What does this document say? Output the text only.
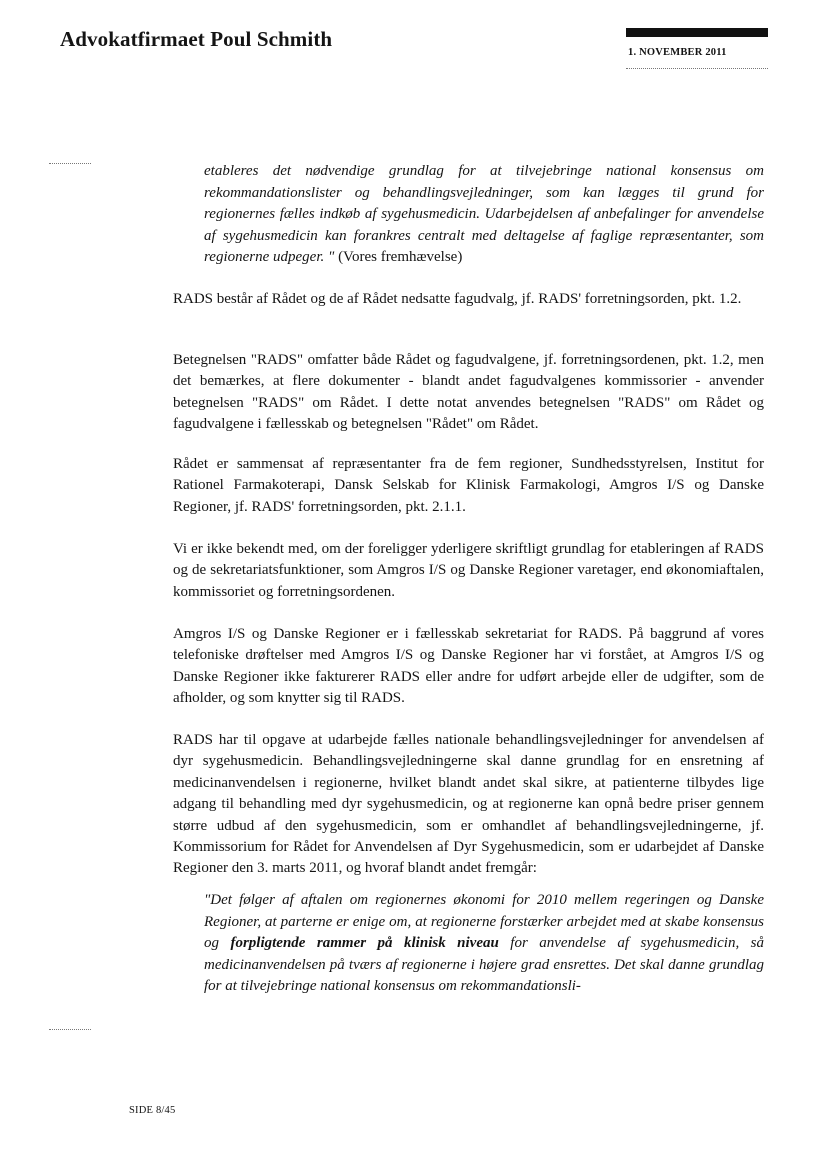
Advokatfirmaet Poul Schmith
1. NOVEMBER 2011

etableres det nødvendige grundlag for at tilvejebringe national konsensus om rekommandationslister og behandlingsvejledninger, som kan lægges til grund for regionernes fælles indkøb af sygehusmedicin. Udarbejdelsen af anbefalinger for anvendelse af sygehusmedicin kan forankres centralt med deltagelse af faglige repræsentanter, som regionerne udpeger. " (Vores fremhævelse)

RADS består af Rådet og de af Rådet nedsatte fagudvalg, jf. RADS' forretningsorden, pkt. 1.2.

Betegnelsen "RADS" omfatter både Rådet og fagudvalgene, jf. forretningsordenen, pkt. 1.2, men det bemærkes, at flere dokumenter - blandt andet fagudvalgenes kommissorier - anvender betegnelsen "RADS" om Rådet. I dette notat anvendes betegnelsen "RADS" om Rådet og fagudvalgene i fællesskab og betegnelsen "Rådet" om Rådet.

Rådet er sammensat af repræsentanter fra de fem regioner, Sundhedsstyrelsen, Institut for Rationel Farmakoterapi, Dansk Selskab for Klinisk Farmakologi, Amgros I/S og Danske Regioner, jf. RADS' forretningsorden, pkt. 2.1.1.

Vi er ikke bekendt med, om der foreligger yderligere skriftligt grundlag for etableringen af RADS og de sekretariatsfunktioner, som Amgros I/S og Danske Regioner varetager, end økonomiaftalen, kommissoriet og forretningsordenen.

Amgros I/S og Danske Regioner er i fællesskab sekretariat for RADS. På baggrund af vores telefoniske drøftelser med Amgros I/S og Danske Regioner har vi forstået, at Amgros I/S og Danske Regioner ikke fakturerer RADS eller andre for udført arbejde eller de udgifter, som de afholder, og som knytter sig til RADS.

RADS har til opgave at udarbejde fælles nationale behandlingsvejledninger for anvendelsen af dyr sygehusmedicin. Behandlingsvejledningerne skal danne grundlag for en ensretning af medicinanvendelsen i regionerne, hvilket blandt andet skal sikre, at patienterne tilbydes lige adgang til behandling med dyr sygehusmedicin, og at regionerne kan opnå bedre priser gennem større udbud af den sygehusmedicin, som er omhandlet af behandlingsvejledningerne, jf. Kommissorium for Rådet for Anvendelsen af Dyr Sygehusmedicin, som er udarbejdet af Danske Regioner den 3. marts 2011, og hvoraf blandt andet fremgår:

"Det følger af aftalen om regionernes økonomi for 2010 mellem regeringen og Danske Regioner, at parterne er enige om, at regionerne forstærker arbejdet med at skabe konsensus og forpligtende rammer på klinisk niveau for anvendelse af sygehusmedicin, så medicinanvendelsen på tværs af regionerne i højere grad ensrettes. Det skal danne grundlag for at tilvejebringe national konsensus om rekommandationsli-

SIDE 8/45
